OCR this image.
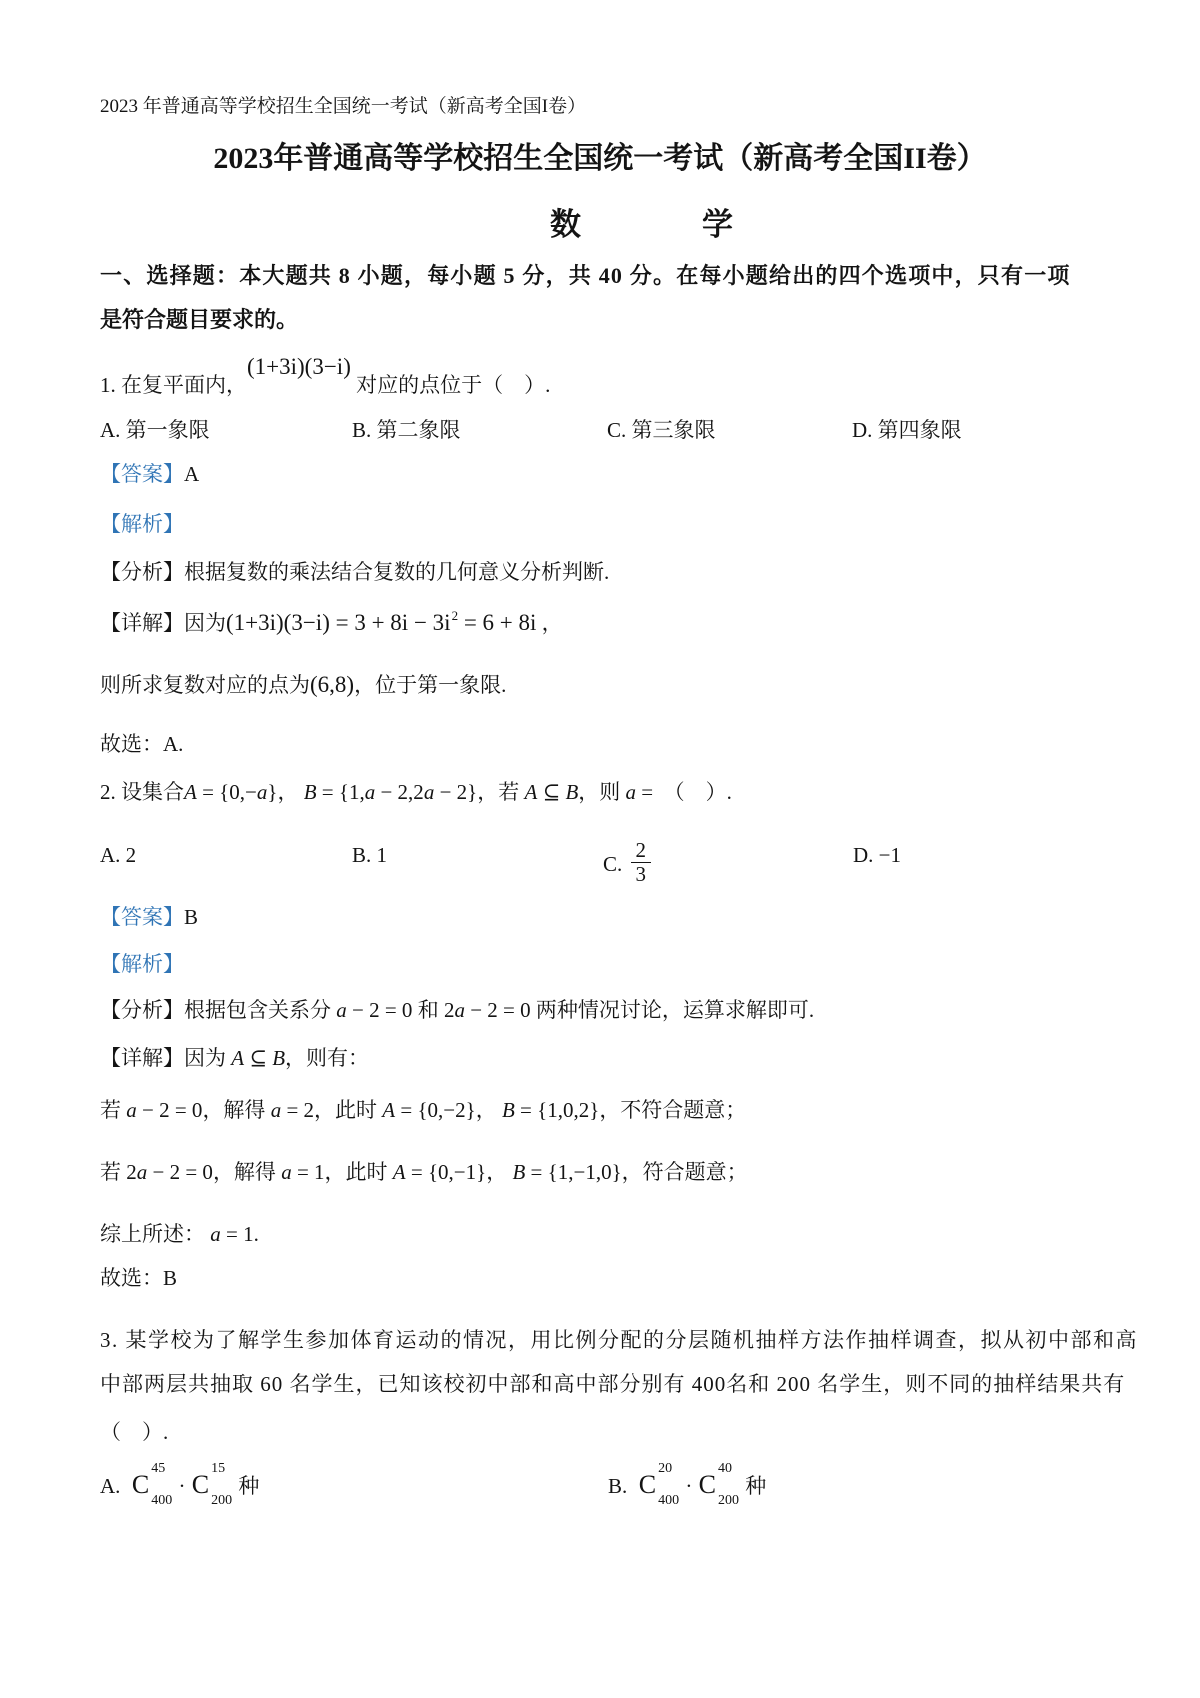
2023 年普通高等学校招生全国统一考试（新高考全国I卷）
2023年普通高等学校招生全国统一考试（新高考全国II卷）
数	学
一、选择题：本大题共 8 小题，每小题 5 分，共 40 分。在每小题给出的四个选项中，只有一项
是符合题目要求的。
1. 在复平面内，(1+3i)(3−i) 对应的点位于（　）.
A. 第一象限	B. 第二象限	C. 第三象限	D. 第四象限
【答案】A
【解析】
【分析】根据复数的乘法结合复数的几何意义分析判断.
【详解】因为$(1+3i)(3-i) = 3 + 8i - 3i^2 = 6 + 8i$ ，
则所求复数对应的点为(6,8)，位于第一象限.
故选：A.
2. 设集合A = {0,−a}， B = {1,a − 2,2a − 2}，若 A ⊆ B，则 a =  （　）.
A. 2	B. 1	C. $\frac{2}{3}$	D. −1
【答案】B
【解析】
【分析】根据包含关系分 a − 2 = 0 和 2a − 2 = 0 两种情况讨论，运算求解即可.
【详解】因为 A ⊆ B，则有：
若 a − 2 = 0，解得 a = 2，此时 A = {0,−2}， B = {1,0,2}，不符合题意；
若 2a − 2 = 0，解得 a = 1，此时 A = {0,−1}， B = {1,−1,0}，符合题意；
综上所述： a = 1.
故选：B
3. 某学校为了解学生参加体育运动的情况，用比例分配的分层随机抽样方法作抽样调查，拟从初中部和高
中部两层共抽取 60 名学生，已知该校初中部和高中部分别有 400名和 200 名学生，则不同的抽样结果共有
（　）.
A. C
45
400
· C
15
200
种	B. C
20
400
· C
40
200
种
